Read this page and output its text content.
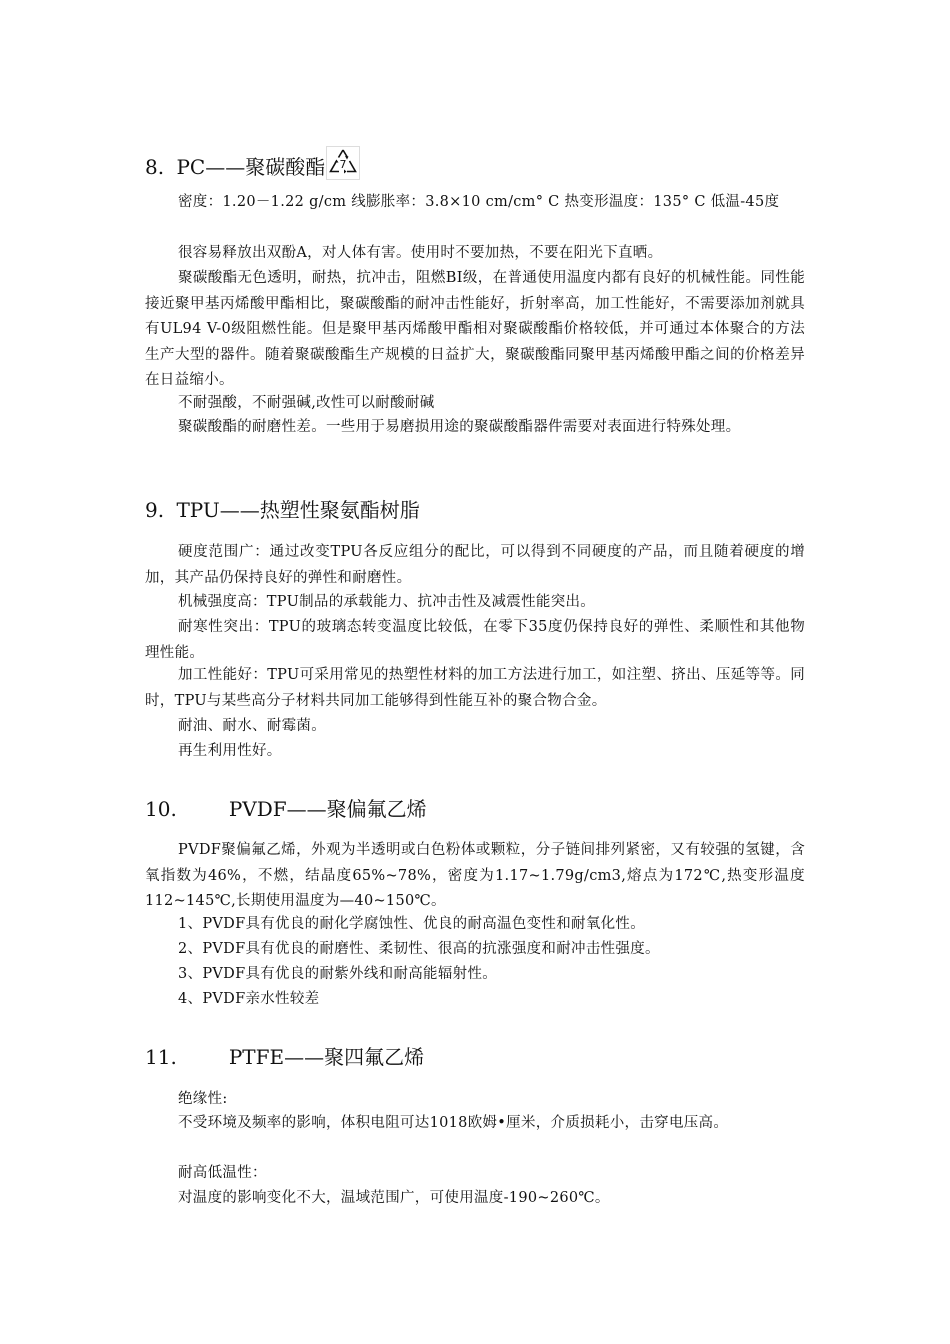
8. PC——聚碳酸酯 7
密度：1.20－1.22 g/cm 线膨胀率：3.8×10 cm/cm° C 热变形温度：135° C 低温-45度
很容易释放出双酚A，对人体有害。使用时不要加热，不要在阳光下直晒。
聚碳酸酯无色透明，耐热，抗冲击，阻燃BI级，在普通使用温度内都有良好的机械性能。同性能接近聚甲基丙烯酸甲酯相比，聚碳酸酯的耐冲击性能好，折射率高，加工性能好，不需要添加剂就具有UL94 V-0级阻燃性能。但是聚甲基丙烯酸甲酯相对聚碳酸酯价格较低，并可通过本体聚合的方法生产大型的器件。随着聚碳酸酯生产规模的日益扩大，聚碳酸酯同聚甲基丙烯酸甲酯之间的价格差异在日益缩小。
不耐强酸，不耐强碱,改性可以耐酸耐碱
聚碳酸酯的耐磨性差。一些用于易磨损用途的聚碳酸酯器件需要对表面进行特殊处理。
9. TPU——热塑性聚氨酯树脂
硬度范围广：通过改变TPU各反应组分的配比，可以得到不同硬度的产品，而且随着硬度的增加，其产品仍保持良好的弹性和耐磨性。
机械强度高：TPU制品的承载能力、抗冲击性及减震性能突出。
耐寒性突出：TPU的玻璃态转变温度比较低，在零下35度仍保持良好的弹性、柔顺性和其他物理性能。
加工性能好：TPU可采用常见的热塑性材料的加工方法进行加工，如注塑、挤出、压延等等。同时，TPU与某些高分子材料共同加工能够得到性能互补的聚合物合金。
耐油、耐水、耐霉菌。
再生利用性好。
10.	PVDF——聚偏氟乙烯
PVDF聚偏氟乙烯，外观为半透明或白色粉体或颗粒，分子链间排列紧密，又有较强的氢键，含氧指数为46%，不燃，结晶度65%~78%，密度为1.17~1.79g/cm3,熔点为172℃,热变形温度112~145℃,长期使用温度为—40~150℃。
1、PVDF具有优良的耐化学腐蚀性、优良的耐高温色变性和耐氧化性。
2、PVDF具有优良的耐磨性、柔韧性、很高的抗涨强度和耐冲击性强度。
3、PVDF具有优良的耐紫外线和耐高能辐射性。
4、PVDF亲水性较差
11.	PTFE——聚四氟乙烯
绝缘性:
不受环境及频率的影响，体积电阻可达1018欧姆•厘米，介质损耗小，击穿电压高。
耐高低温性：
对温度的影响变化不大，温域范围广，可使用温度-190~260℃。
